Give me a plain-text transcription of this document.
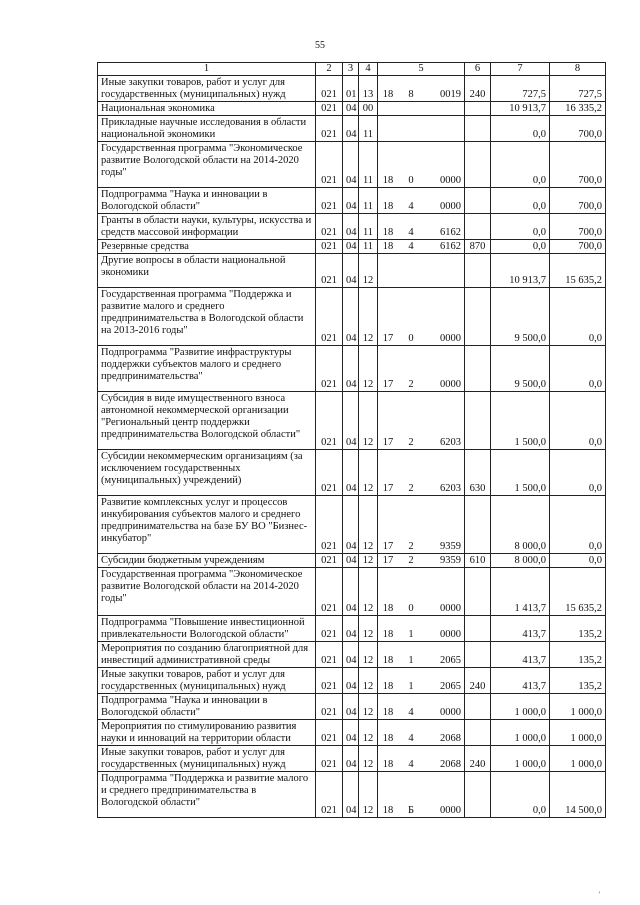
55
1	2	3	4	5	6	7	8
Иные закупки товаров, работ и услуг для государственных (муниципальных) нужд	021	01	13	18 8 0019	240	727,5	727,5
Национальная экономика	021	04	00			10 913,7	16 335,2
Прикладные научные исследования в области национальной экономики	021	04	11			0,0	700,0
Государственная программа "Экономическое развитие Вологодской области на 2014-2020 годы"	021	04	11	18 0 0000		0,0	700,0
Подпрограмма "Наука и инновации в Вологодской области"	021	04	11	18 4 0000		0,0	700,0
Гранты в области науки, культуры, искусства и средств массовой информации	021	04	11	18 4 6162		0,0	700,0
Резервные средства	021	04	11	18 4 6162	870	0,0	700,0
Другие вопросы в области национальной экономики	021	04	12			10 913,7	15 635,2
Государственная программа "Поддержка и развитие малого и среднего предпринимательства в Вологодской области на 2013-2016 годы"	021	04	12	17 0 0000		9 500,0	0,0
Подпрограмма "Развитие инфраструктуры поддержки субъектов малого и среднего предпринимательства"	021	04	12	17 2 0000		9 500,0	0,0
Субсидия в виде имущественного взноса автономной некоммерческой организации "Региональный центр поддержки предпринимательства Вологодской области"	021	04	12	17 2 6203		1 500,0	0,0
Субсидии некоммерческим организациям (за исключением государственных (муниципальных) учреждений)	021	04	12	17 2 6203	630	1 500,0	0,0
Развитие комплексных услуг и процессов инкубирования субъектов малого и среднего предпринимательства на базе БУ ВО "Бизнес-инкубатор"	021	04	12	17 2 9359		8 000,0	0,0
Субсидии бюджетным учреждениям	021	04	12	17 2 9359	610	8 000,0	0,0
Государственная программа "Экономическое развитие Вологодской области на 2014-2020 годы"	021	04	12	18 0 0000		1 413,7	15 635,2
Подпрограмма "Повышение инвестиционной привлекательности Вологодской области"	021	04	12	18 1 0000		413,7	135,2
Мероприятия по созданию благоприятной для инвестиций административной среды	021	04	12	18 1 2065		413,7	135,2
Иные закупки товаров, работ и услуг для государственных (муниципальных) нужд	021	04	12	18 1 2065	240	413,7	135,2
Подпрограмма "Наука и инновации в Вологодской области"	021	04	12	18 4 0000		1 000,0	1 000,0
Мероприятия по стимулированию развития науки и инноваций на территории области	021	04	12	18 4 2068		1 000,0	1 000,0
Иные закупки товаров, работ и услуг для государственных (муниципальных) нужд	021	04	12	18 4 2068	240	1 000,0	1 000,0
Подпрограмма "Поддержка и развитие малого и среднего предпринимательства в Вологодской области"	021	04	12	18 Б 0000		0,0	14 500,0
’
